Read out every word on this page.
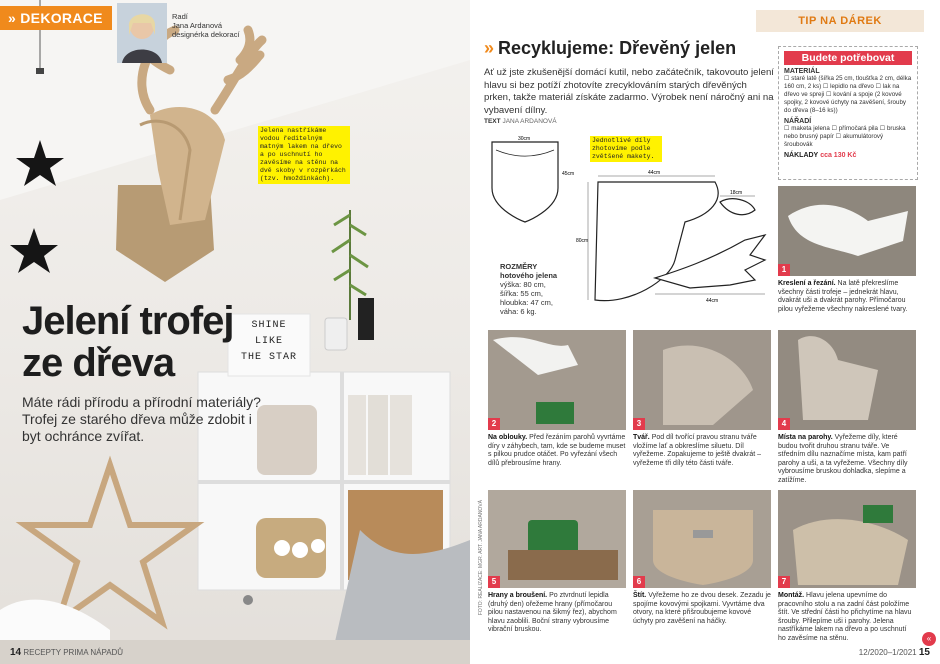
» DEKORACE	Radí
Jana Ardanová
designérka dekorací
Jelena nastříkáme vodou ředitelným matným lakem na dřevo a po uschnutí ho zavěsíme na stěnu na dvě skoby v rozpěrkách (tzv. hmoždinkách).
SHINE
LIKE
THE STAR
Jelení trofej
ze dřeva
Máte rádi přírodu a přírodní materiály? Trofej ze starého dřeva může zdobit i byt ochránce zvířat.
14 RECEPTY PRIMA NÁPADŮ
TIP NA DÁREK
» Recyklujeme: Dřevěný jelen
Ať už jste zkušenější domácí kutil, nebo začátečník, takovouto jelení hlavu si bez potíží zhotovíte zrecyklováním starých dřevěných prken, takže materiál získáte zadarmo. Výrobek není náročný ani na vybavení dílny.
TEXT JANA ARDANOVÁ
30cm
45cm	44cm
18cm
80cm
44cm
Jednotlivé díly zhotovíme podle zvětšené makety.
ROZMĚRY
hotového jelena
výška: 80 cm,
šířka: 55 cm,
hloubka: 47 cm,
váha: 6 kg.
Budete potřebovat
MATERIÁL
☐ staré latě (šířka 25 cm, tloušťka 2 cm, délka 160 cm, 2 ks) ☐ lepidlo na dřevo ☐ lak na dřevo ve spreji ☐ kování a spoje (2 kovové spojky, 2 kovové úchyty na zavěšení, šrouby do dřeva (8–16 ks))
NÁŘADÍ
☐ maketa jelena ☐ přímočará pila ☐ bruska nebo brusný papír ☐ akumulátorový šroubovák
NÁKLADY cca 130 Kč
1
Kreslení a řezání. Na latě překreslíme všechny části trofeje – jednekrát hlavu, dvakrát uši a dvakrát parohy. Přímočarou pilou vyřežeme všechny nakreslené tvary.
2
Na oblouky. Před řezáním parohů vyvrtáme díry v záhybech, tam, kde se budeme muset s pilkou prudce otáčet. Po vyřezání všech dílů přebrousíme hrany.
3
Tvář. Pod díl tvořící pravou stranu tváře vložíme lať a obkreslíme siluetu. Díl vyřežeme. Zopakujeme to ještě dvakrát – vyřežeme tři díly této části tváře.
4
Místa na parohy. Vyřežeme díly, které budou tvořit druhou stranu tváře. Ve středním dílu naznačíme místa, kam patří parohy a uši, a ta vyřežeme. Všechny díly vybrousíme bruskou dohladka, slepíme a zatížíme.
5
Hrany a broušení. Po ztvrdnutí lepidla (druhý den) ořežeme hrany (přímočarou pilou nastavenou na šikmý řez), abychom hlavu zaoblili. Boční strany vybrousíme vibrační bruskou.
6
Štít. Vyřežeme ho ze dvou desek. Zezadu je spojíme kovovými spojkami. Vyvrtáme dva otvory, na které přišroubujeme kovové úchyty pro zavěšení na háčky.
7
Montáž. Hlavu jelena upevníme do pracovního stolu a na zadní část položíme štít. Ve střední části ho přichytíme na hlavu šrouby. Přilepíme uši i parohy. Jelena nastříkáme lakem na dřevo a po uschnutí ho zavěsíme na stěnu.	«
12/2020–1/2021 15
FOTO: REALIZACE: MGR. ART. JANA ARDANOVÁ
